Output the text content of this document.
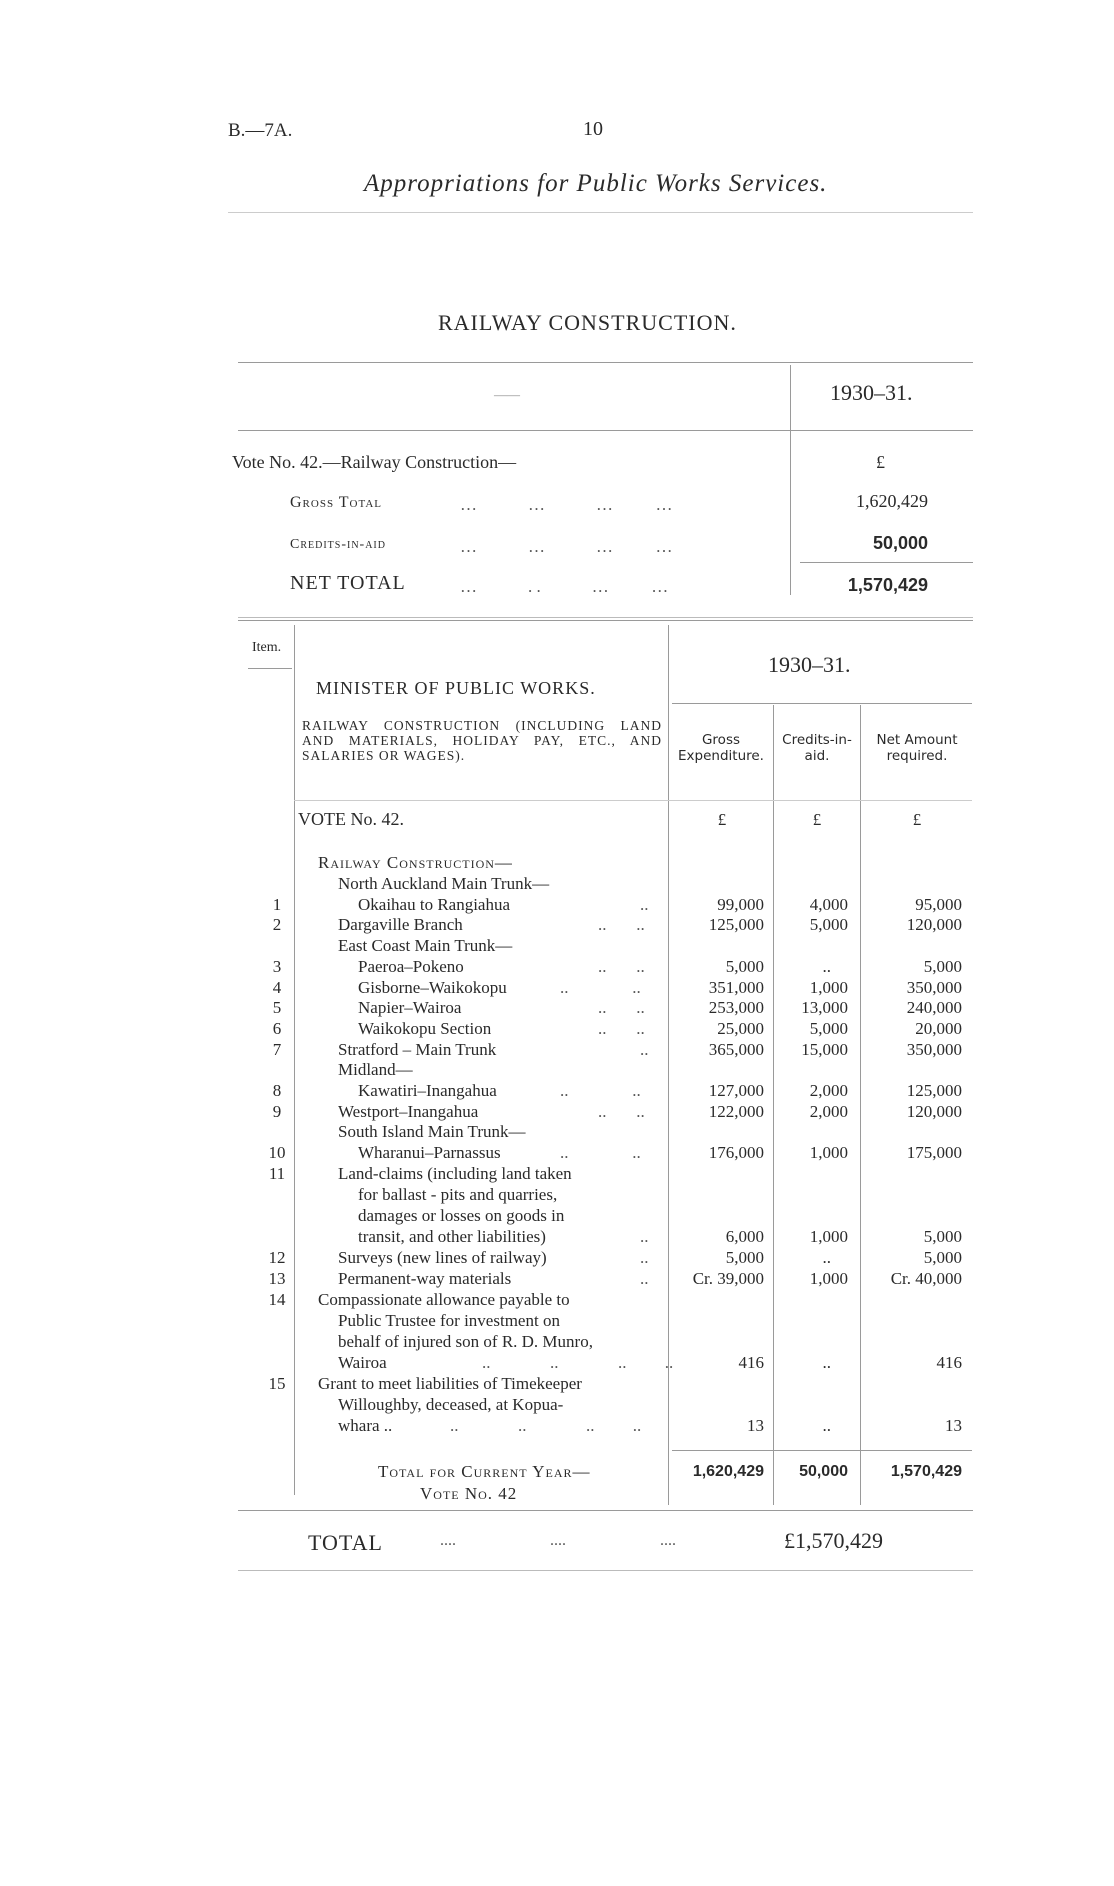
B.—7A.	10
Appropriations for Public Works Services.
RAILWAY CONSTRUCTION.
——	1930–31.
Vote No. 42.—Railway Construction—	£
Gross Total	…            …            …          …	1,620,429
Credits-in-aid	…            …            …          …	50,000
NET TOTAL	…            . .            …          …	1,570,429
Item.
MINISTER OF PUBLIC WORKS.
1930–31.
RAILWAY CONSTRUCTION (INCLUDING LAND AND MATERIALS, HOLIDAY PAY, ETC., AND SALARIES OR WAGES).
Gross Expenditure.
Credits-in-aid.
Net Amount required.
VOTE No. 42.	£	£	£
Railway Construction—
North Auckland Main Trunk—
East Coast Main Trunk—
Midland—
South Island Main Trunk—
1	Okaihau to Rangiahua	..	99,000	4,000	95,000
2	Dargaville Branch	..       ..	125,000	5,000	120,000
3	Paeroa–Pokeno	..       ..	5,000	..	5,000
4	Gisborne–Waikokopu	..               ..	351,000	1,000	350,000
5	Napier–Wairoa	..       ..	253,000	13,000	240,000
6	Waikokopu Section	..       ..	25,000	5,000	20,000
7	Stratford – Main Trunk	..	365,000	15,000	350,000
8	Kawatiri–Inangahua	..               ..	127,000	2,000	125,000
9	Westport–Inangahua	..       ..	122,000	2,000	120,000
10	Wharanui–Parnassus	..               ..	176,000	1,000	175,000
11	Land-claims (including land taken
for ballast - pits and quarries,
damages or losses on goods in
transit, and other liabilities)	..	6,000	1,000	5,000
12	Surveys (new lines of railway)	..	5,000	..	5,000
13	Permanent-way materials	..	Cr. 39,000	1,000	Cr. 40,000
14	Compassionate allowance payable to
Public Trustee for investment on
behalf of injured son of R. D. Munro,
Wairoa	..              ..              ..         ..	416	..	416
15	Grant to meet liabilities of Timekeeper
Willoughby, deceased, at Kopua-
whara ..	..              ..              ..         ..	13	..	13
Total for Current Year—
Vote No. 42
1,620,429	50,000	1,570,429
TOTAL	.... .... ....	£1,570,429
